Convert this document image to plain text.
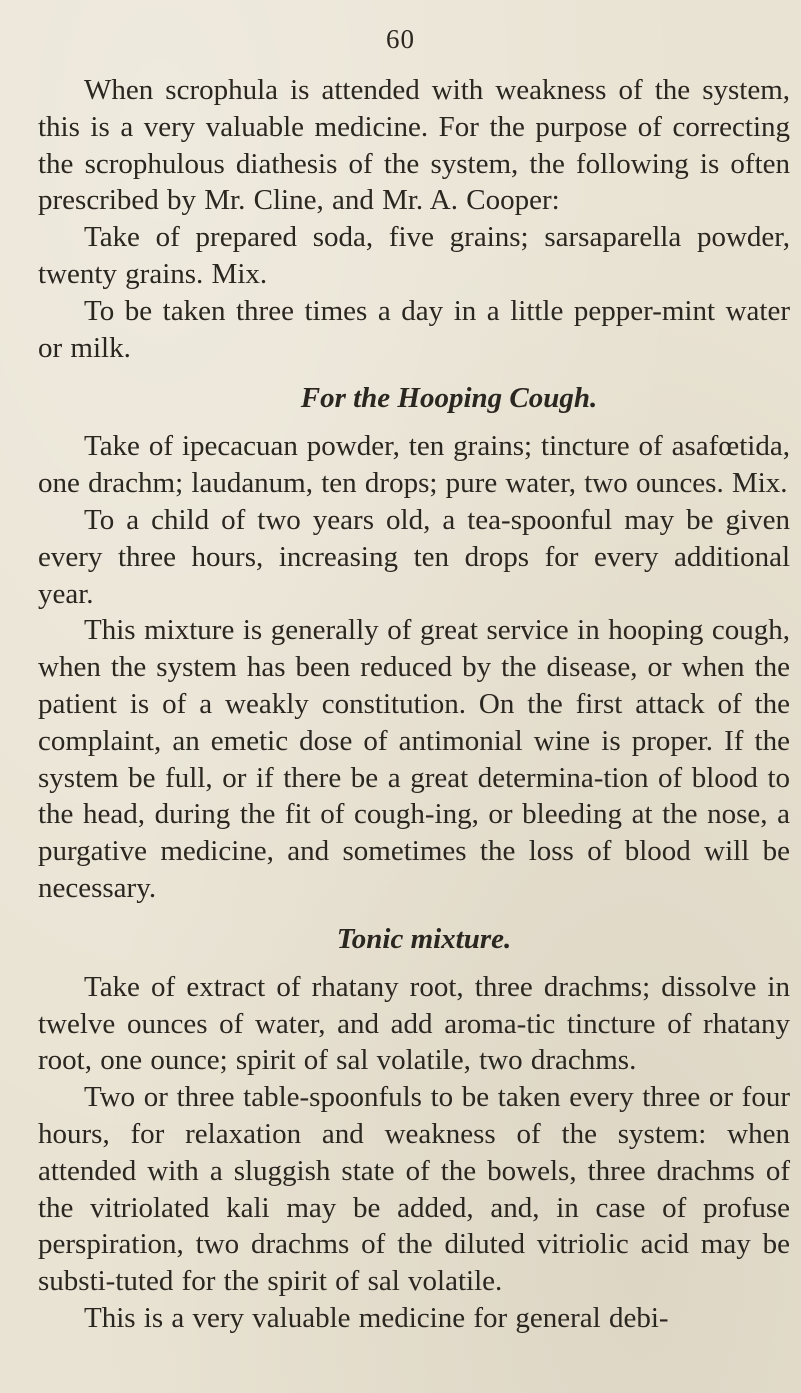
60

When scrophula is attended with weakness of the system, this is a very valuable medicine. For the purpose of correcting the scrophulous diathesis of the system, the following is often prescribed by Mr. Cline, and Mr. A. Cooper:

Take of prepared soda, five grains; sarsaparella powder, twenty grains. Mix.

To be taken three times a day in a little pepper-mint water or milk.

For the Hooping Cough.

Take of ipecacuan powder, ten grains; tincture of asafœtida, one drachm; laudanum, ten drops; pure water, two ounces. Mix.

To a child of two years old, a tea-spoonful may be given every three hours, increasing ten drops for every additional year.

This mixture is generally of great service in hooping cough, when the system has been reduced by the disease, or when the patient is of a weakly constitution. On the first attack of the complaint, an emetic dose of antimonial wine is proper. If the system be full, or if there be a great determina-tion of blood to the head, during the fit of cough-ing, or bleeding at the nose, a purgative medicine, and sometimes the loss of blood will be necessary.

Tonic mixture.

Take of extract of rhatany root, three drachms; dissolve in twelve ounces of water, and add aroma-tic tincture of rhatany root, one ounce; spirit of sal volatile, two drachms.

Two or three table-spoonfuls to be taken every three or four hours, for relaxation and weakness of the system: when attended with a sluggish state of the bowels, three drachms of the vitriolated kali may be added, and, in case of profuse perspiration, two drachms of the diluted vitriolic acid may be substi-tuted for the spirit of sal volatile.

This is a very valuable medicine for general debi-
